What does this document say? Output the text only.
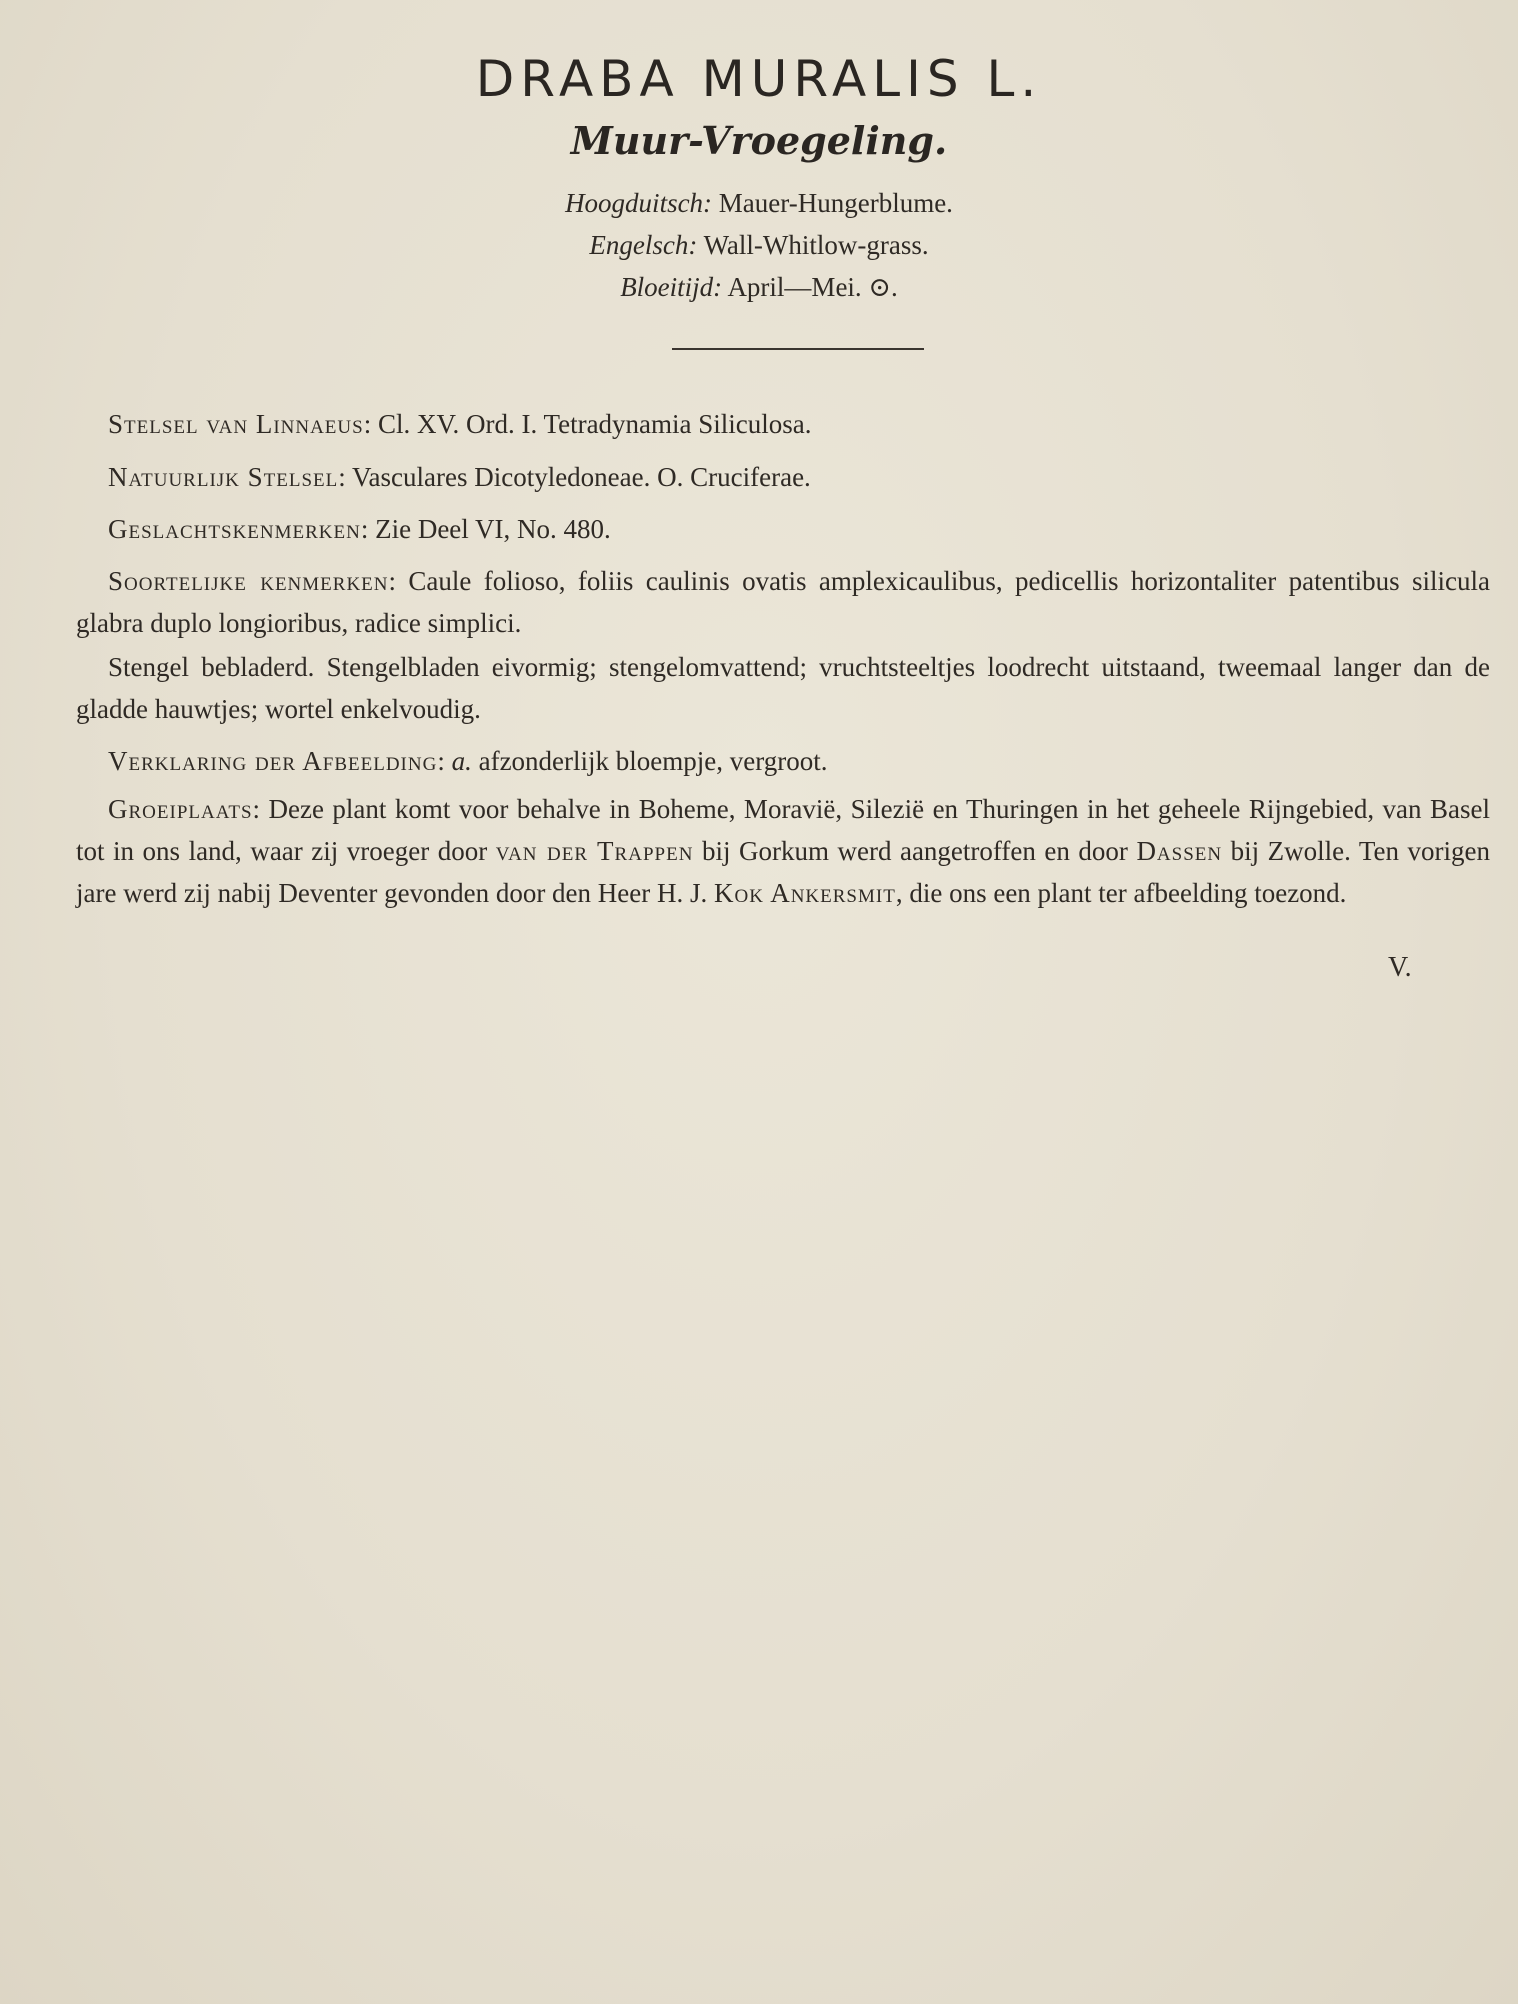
DRABA MURALIS L.
Muur-Vroegeling.
Hoogduitsch: Mauer-Hungerblume.
Engelsch: Wall-Whitlow-grass.
Bloeitijd: April—Mei. ⊙.
Stelsel van Linnaeus: Cl. XV. Ord. I. Tetradynamia Siliculosa.
Natuurlijk Stelsel: Vasculares Dicotyledoneae. O. Cruciferae.
Geslachtskenmerken: Zie Deel VI, No. 480.
Soortelijke kenmerken: Caule folioso, foliis caulinis ovatis amplexicaulibus, pedicellis horizontaliter patentibus silicula glabra duplo longioribus, radice simplici.
Stengel bebladerd. Stengelbladen eivormig; stengelomvattend; vruchtsteeltjes loodrecht uitstaand, tweemaal langer dan de gladde hauwtjes; wortel enkelvoudig.
Verklaring der Afbeelding: a. afzonderlijk bloempje, vergroot.
Groeiplaats: Deze plant komt voor behalve in Boheme, Moravië, Silezië en Thuringen in het geheele Rijngebied, van Basel tot in ons land, waar zij vroeger door van der Trappen bij Gorkum werd aangetroffen en door Dassen bij Zwolle. Ten vorigen jare werd zij nabij Deventer gevonden door den Heer H. J. Kok Ankersmit, die ons een plant ter afbeelding toezond.
V.
